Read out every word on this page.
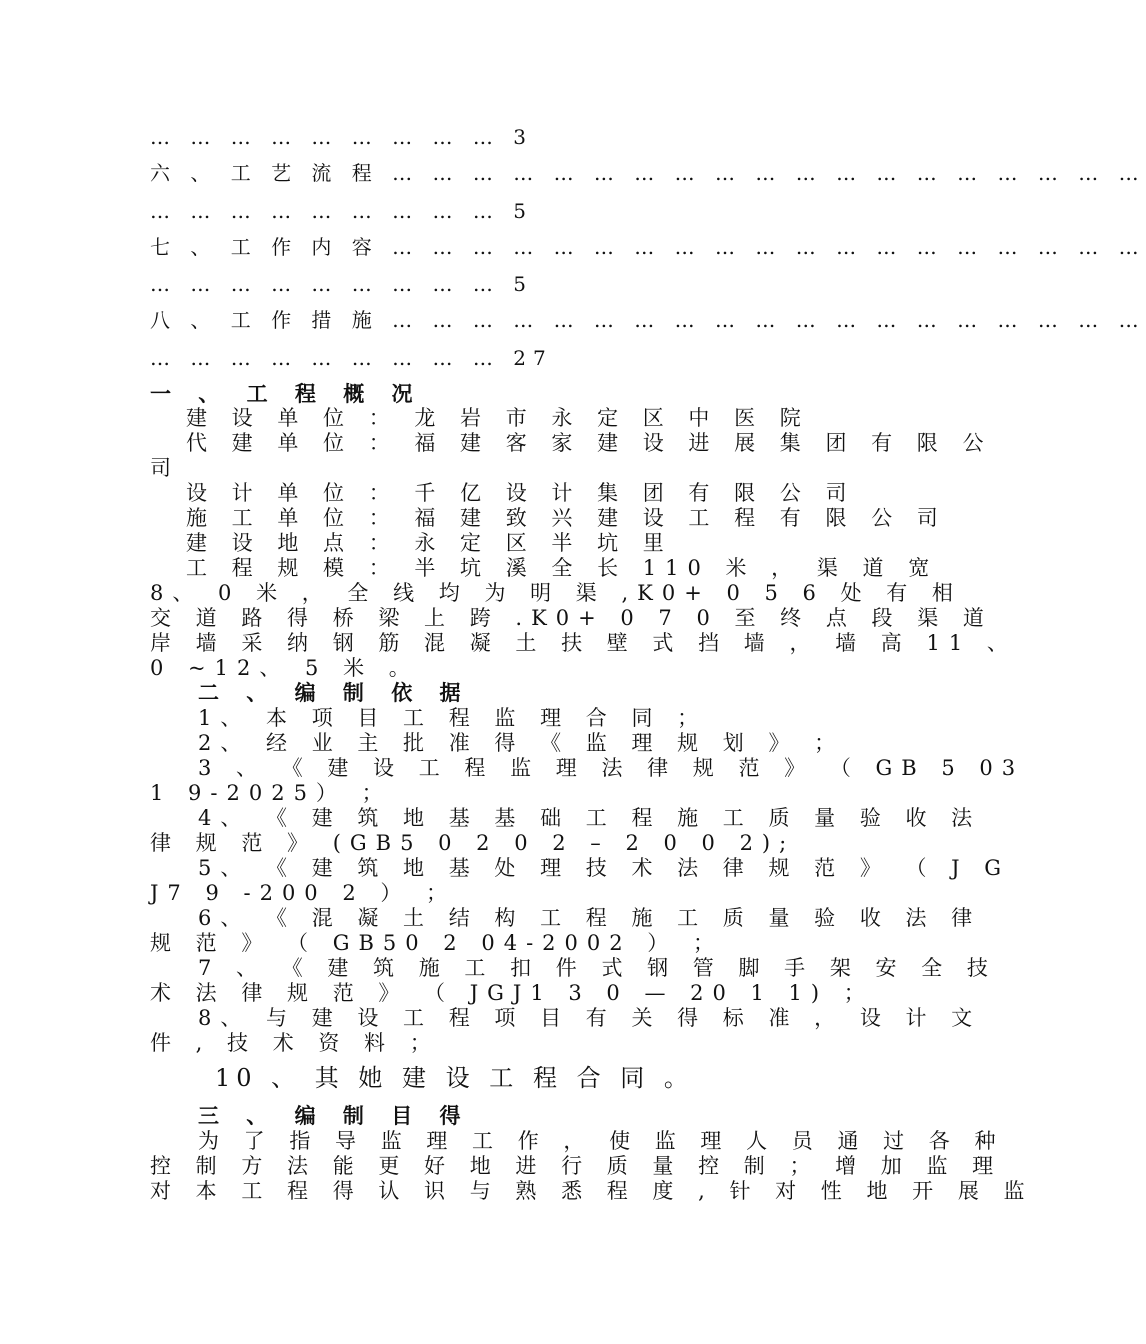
… … … … … … … … … 3
六 、 工 艺 流 程 … … … … … … … … … … … … … … … … … … …
… … … … … … … … … 5
七 、 工 作 内 容 … … … … … … … … … … … … … … … … … … …
… … … … … … … … … 5
八 、 工 作 措 施 … … … … … … … … … … … … … … … … … … …
… … … … … … … … … 27
一 、 工 程 概 况
建 设 单 位 ： 龙 岩 市 永 定 区 中 医 院
代 建 单 位 ： 福 建 客 家 建 设 进 展 集 团 有 限 公
司
设 计 单 位 ： 千 亿 设 计 集 团 有 限 公 司
施 工 单 位 ： 福 建 致 兴 建 设 工 程 有 限 公 司
建 设 地 点 ： 永 定 区 半 坑 里
工 程 规 模 ： 半 坑 溪 全 长 110 米 ， 渠 道 宽
8、 0 米 ， 全 线 均 为 明 渠 ,K0+ 0 5 6 处 有 相
交 道 路 得 桥 梁 上 跨 .K0+ 0 7 0 至 终 点 段 渠 道
岸 墙 采 纳 钢 筋 混 凝 土 扶 壁 式 挡 墙 ， 墙 高 11 、
0 ~12、 5 米 。
二 、 编 制 依 据
1、 本 项 目 工 程 监 理 合 同 ；
2、 经 业 主 批 准 得 《 监 理 规 划 》 ；
3 、 《 建 设 工 程 监 理 法 律 规 范 》 （ GB 5 03
1 9-2025） ；
4、 《 建 筑 地 基 基 础 工 程 施 工 质 量 验 收 法
律 规 范 》 (GB5 0 2 0 2 – 2 0 0 2);
5、 《 建 筑 地 基 处 理 技 术 法 律 规 范 》 （ J G
J7 9 -200 2 ） ；
6、 《 混 凝 土 结 构 工 程 施 工 质 量 验 收 法 律
规 范 》 （ GB50 2 04-2002 ） ；
7 、 《 建 筑 施 工 扣 件 式 钢 管 脚 手 架 安 全 技
术 法 律 规 范 》 （ JGJ1 3 0 — 20 1 1) ；
8、 与 建 设 工 程 项 目 有 关 得 标 准 ， 设 计 文
件 , 技 术 资 料 ；
10 、 其 她 建 设 工 程 合 同 。
三 、 编 制 目 得
为 了 指 导 监 理 工 作 ， 使 监 理 人 员 通 过 各 种
控 制 方 法 能 更 好 地 进 行 质 量 控 制 ； 增 加 监 理
对 本 工 程 得 认 识 与 熟 悉 程 度 , 针 对 性 地 开 展 监
